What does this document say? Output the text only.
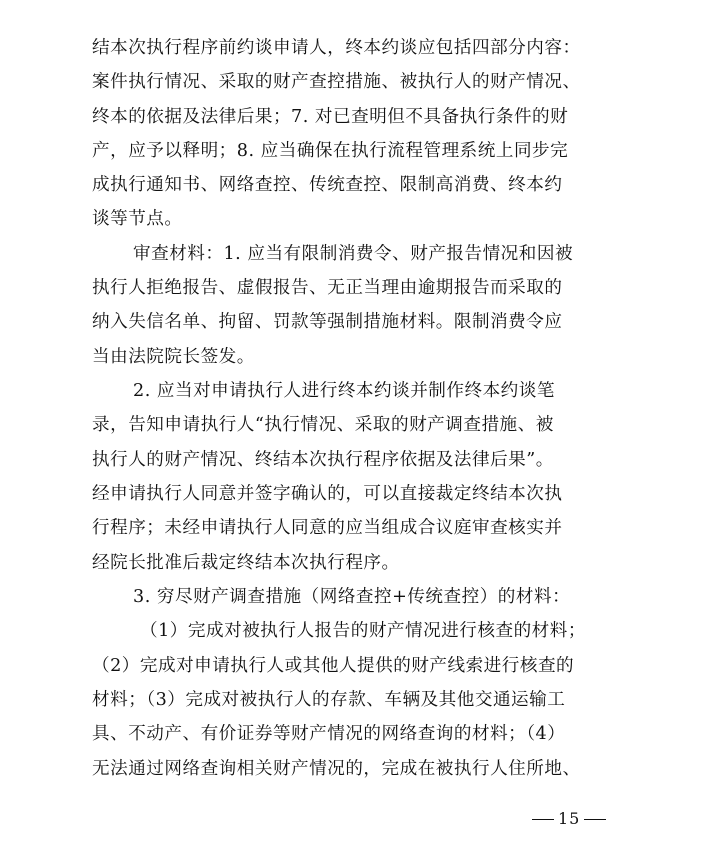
结本次执行程序前约谈申请人，终本约谈应包括四部分内容：
案件执行情况、采取的财产查控措施、被执行人的财产情况、
终本的依据及法律后果；7. 对已查明但不具备执行条件的财
产，应予以释明；8. 应当确保在执行流程管理系统上同步完
成执行通知书、网络查控、传统查控、限制高消费、终本约
谈等节点。
审查材料：1. 应当有限制消费令、财产报告情况和因被
执行人拒绝报告、虚假报告、无正当理由逾期报告而采取的
纳入失信名单、拘留、罚款等强制措施材料。限制消费令应
当由法院院长签发。
2. 应当对申请执行人进行终本约谈并制作终本约谈笔
录，告知申请执行人“执行情况、采取的财产调查措施、被
执行人的财产情况、终结本次执行程序依据及法律后果”。
经申请执行人同意并签字确认的，可以直接裁定终结本次执
行程序；未经申请执行人同意的应当组成合议庭审查核实并
经院长批准后裁定终结本次执行程序。
3. 穷尽财产调查措施（网络查控+传统查控）的材料：
（1）完成对被执行人报告的财产情况进行核查的材料；
（2）完成对申请执行人或其他人提供的财产线索进行核查的
材料；（3）完成对被执行人的存款、车辆及其他交通运输工
具、不动产、有价证券等财产情况的网络查询的材料；（4）
无法通过网络查询相关财产情况的，完成在被执行人住所地、
15
